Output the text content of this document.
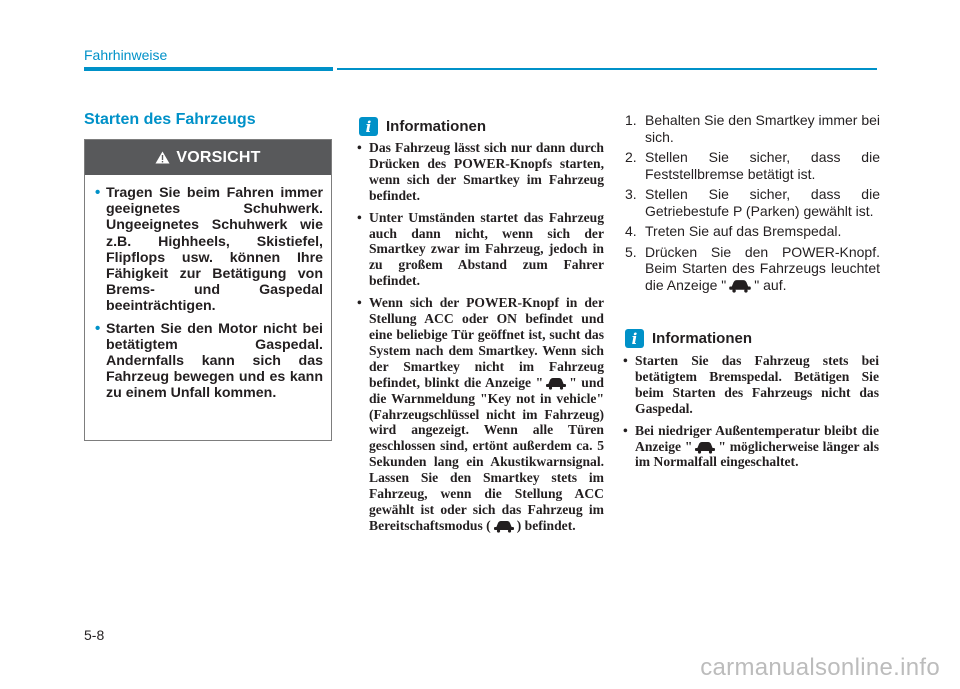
Fahrhinweise
Starten des Fahrzeugs
VORSICHT
• Tragen Sie beim Fahren immer geeignetes Schuhwerk. Ungeeignetes Schuhwerk wie z.B. Highheels, Skistiefel, Flipflops usw. können Ihre Fähigkeit zur Betätigung von Brems- und Gaspedal beeinträchtigen.
• Starten Sie den Motor nicht bei betätigtem Gaspedal. Andernfalls kann sich das Fahrzeug bewegen und es kann zu einem Unfall kommen.
i Informationen
• Das Fahrzeug lässt sich nur dann durch Drücken des POWER-Knopfs starten, wenn sich der Smartkey im Fahrzeug befindet.
• Unter Umständen startet das Fahrzeug auch dann nicht, wenn sich der Smartkey zwar im Fahrzeug, jedoch in zu großem Abstand zum Fahrer befindet.
• Wenn sich der POWER-Knopf in der Stellung ACC oder ON befindet und eine beliebige Tür geöffnet ist, sucht das System nach dem Smartkey. Wenn sich der Smartkey nicht im Fahrzeug befindet, blinkt die Anzeige " " und die Warnmeldung "Key not in vehicle" (Fahrzeugschlüssel nicht im Fahrzeug) wird angezeigt. Wenn alle Türen geschlossen sind, ertönt außerdem ca. 5 Sekunden lang ein Akustikwarnsignal. Lassen Sie den Smartkey stets im Fahrzeug, wenn die Stellung ACC gewählt ist oder sich das Fahrzeug im Bereitschaftsmodus ( ) befindet.
1. Behalten Sie den Smartkey immer bei sich.
2. Stellen Sie sicher, dass die Feststellbremse betätigt ist.
3. Stellen Sie sicher, dass die Getriebestufe P (Parken) gewählt ist.
4. Treten Sie auf das Bremspedal.
5. Drücken Sie den POWER-Knopf. Beim Starten des Fahrzeugs leuchtet die Anzeige " " auf.
i Informationen
• Starten Sie das Fahrzeug stets bei betätigtem Bremspedal. Betätigen Sie beim Starten des Fahrzeugs nicht das Gaspedal.
• Bei niedriger Außentemperatur bleibt die Anzeige " " möglicherweise länger als im Normalfall eingeschaltet.
5-8
carmanualsonline.info
